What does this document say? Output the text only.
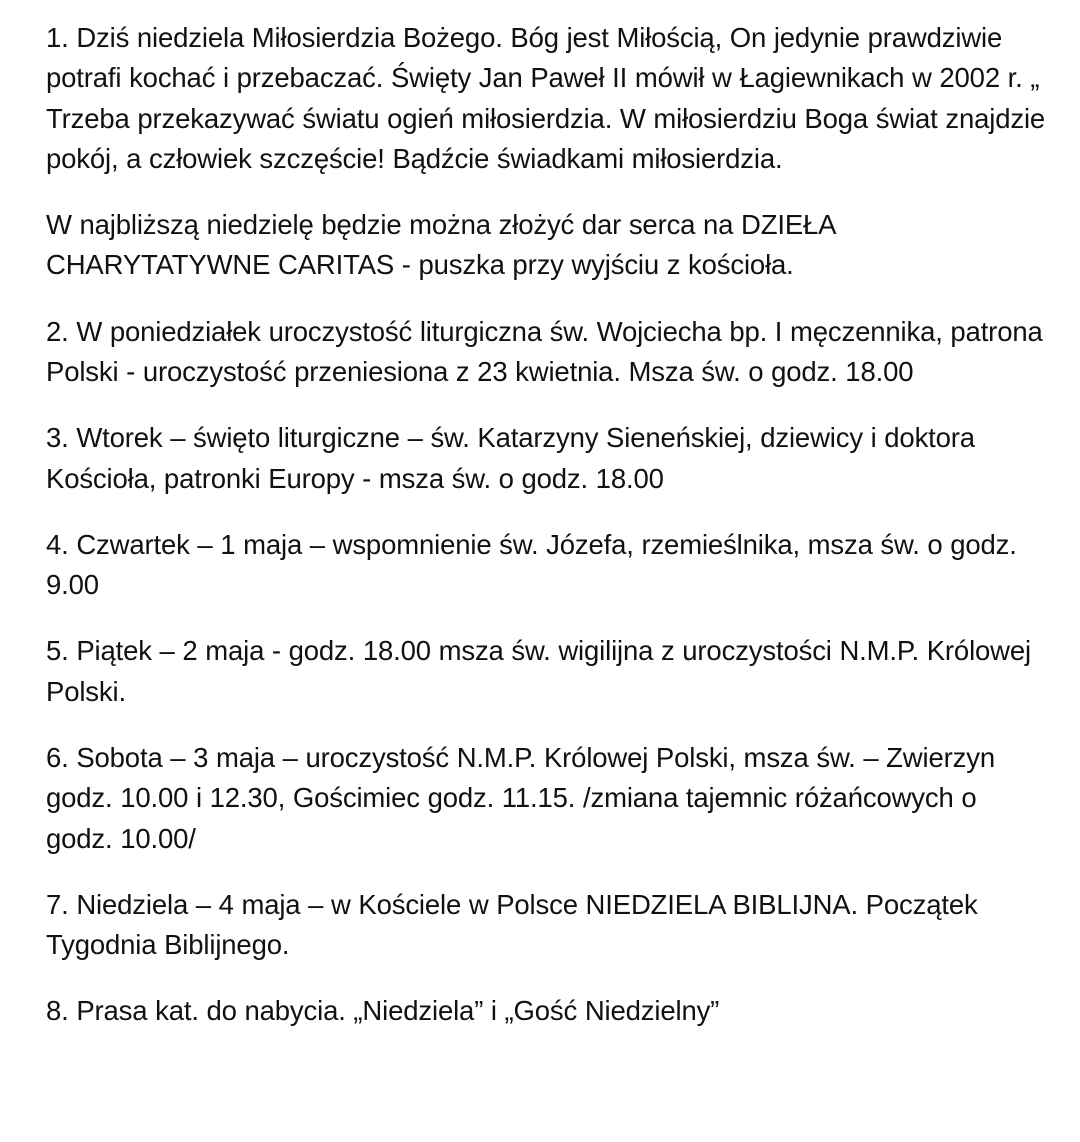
1. Dziś niedziela Miłosierdzia Bożego. Bóg jest Miłością, On jedynie prawdziwie potrafi kochać i przebaczać. Święty Jan Paweł II mówił w Łagiewnikach w 2002 r. „ Trzeba przekazywać światu ogień miłosierdzia. W miłosierdziu Boga świat znajdzie pokój, a człowiek szczęście! Bądźcie świadkami miłosierdzia.

W najbliższą niedzielę będzie można złożyć dar serca na DZIEŁA CHARYTATYWNE CARITAS - puszka przy wyjściu z kościoła.

2. W poniedziałek uroczystość liturgiczna św. Wojciecha bp. I męczennika, patrona Polski - uroczystość przeniesiona z 23 kwietnia. Msza św. o godz. 18.00

3. Wtorek – święto liturgiczne – św. Katarzyny Sieneńskiej, dziewicy i doktora Kościoła, patronki Europy - msza św. o godz. 18.00

4. Czwartek – 1 maja – wspomnienie św. Józefa, rzemieślnika, msza św. o godz. 9.00

5. Piątek – 2 maja - godz. 18.00 msza św. wigilijna z uroczystości N.M.P. Królowej Polski.

6. Sobota – 3 maja – uroczystość N.M.P. Królowej Polski, msza św. – Zwierzyn godz. 10.00 i 12.30, Gościmiec godz. 11.15. /zmiana tajemnic różańcowych o godz. 10.00/

7. Niedziela – 4 maja – w Kościele w Polsce NIEDZIELA BIBLIJNA. Początek Tygodnia Biblijnego.

8. Prasa kat. do nabycia. „Niedziela” i „Gość Niedzielny”
